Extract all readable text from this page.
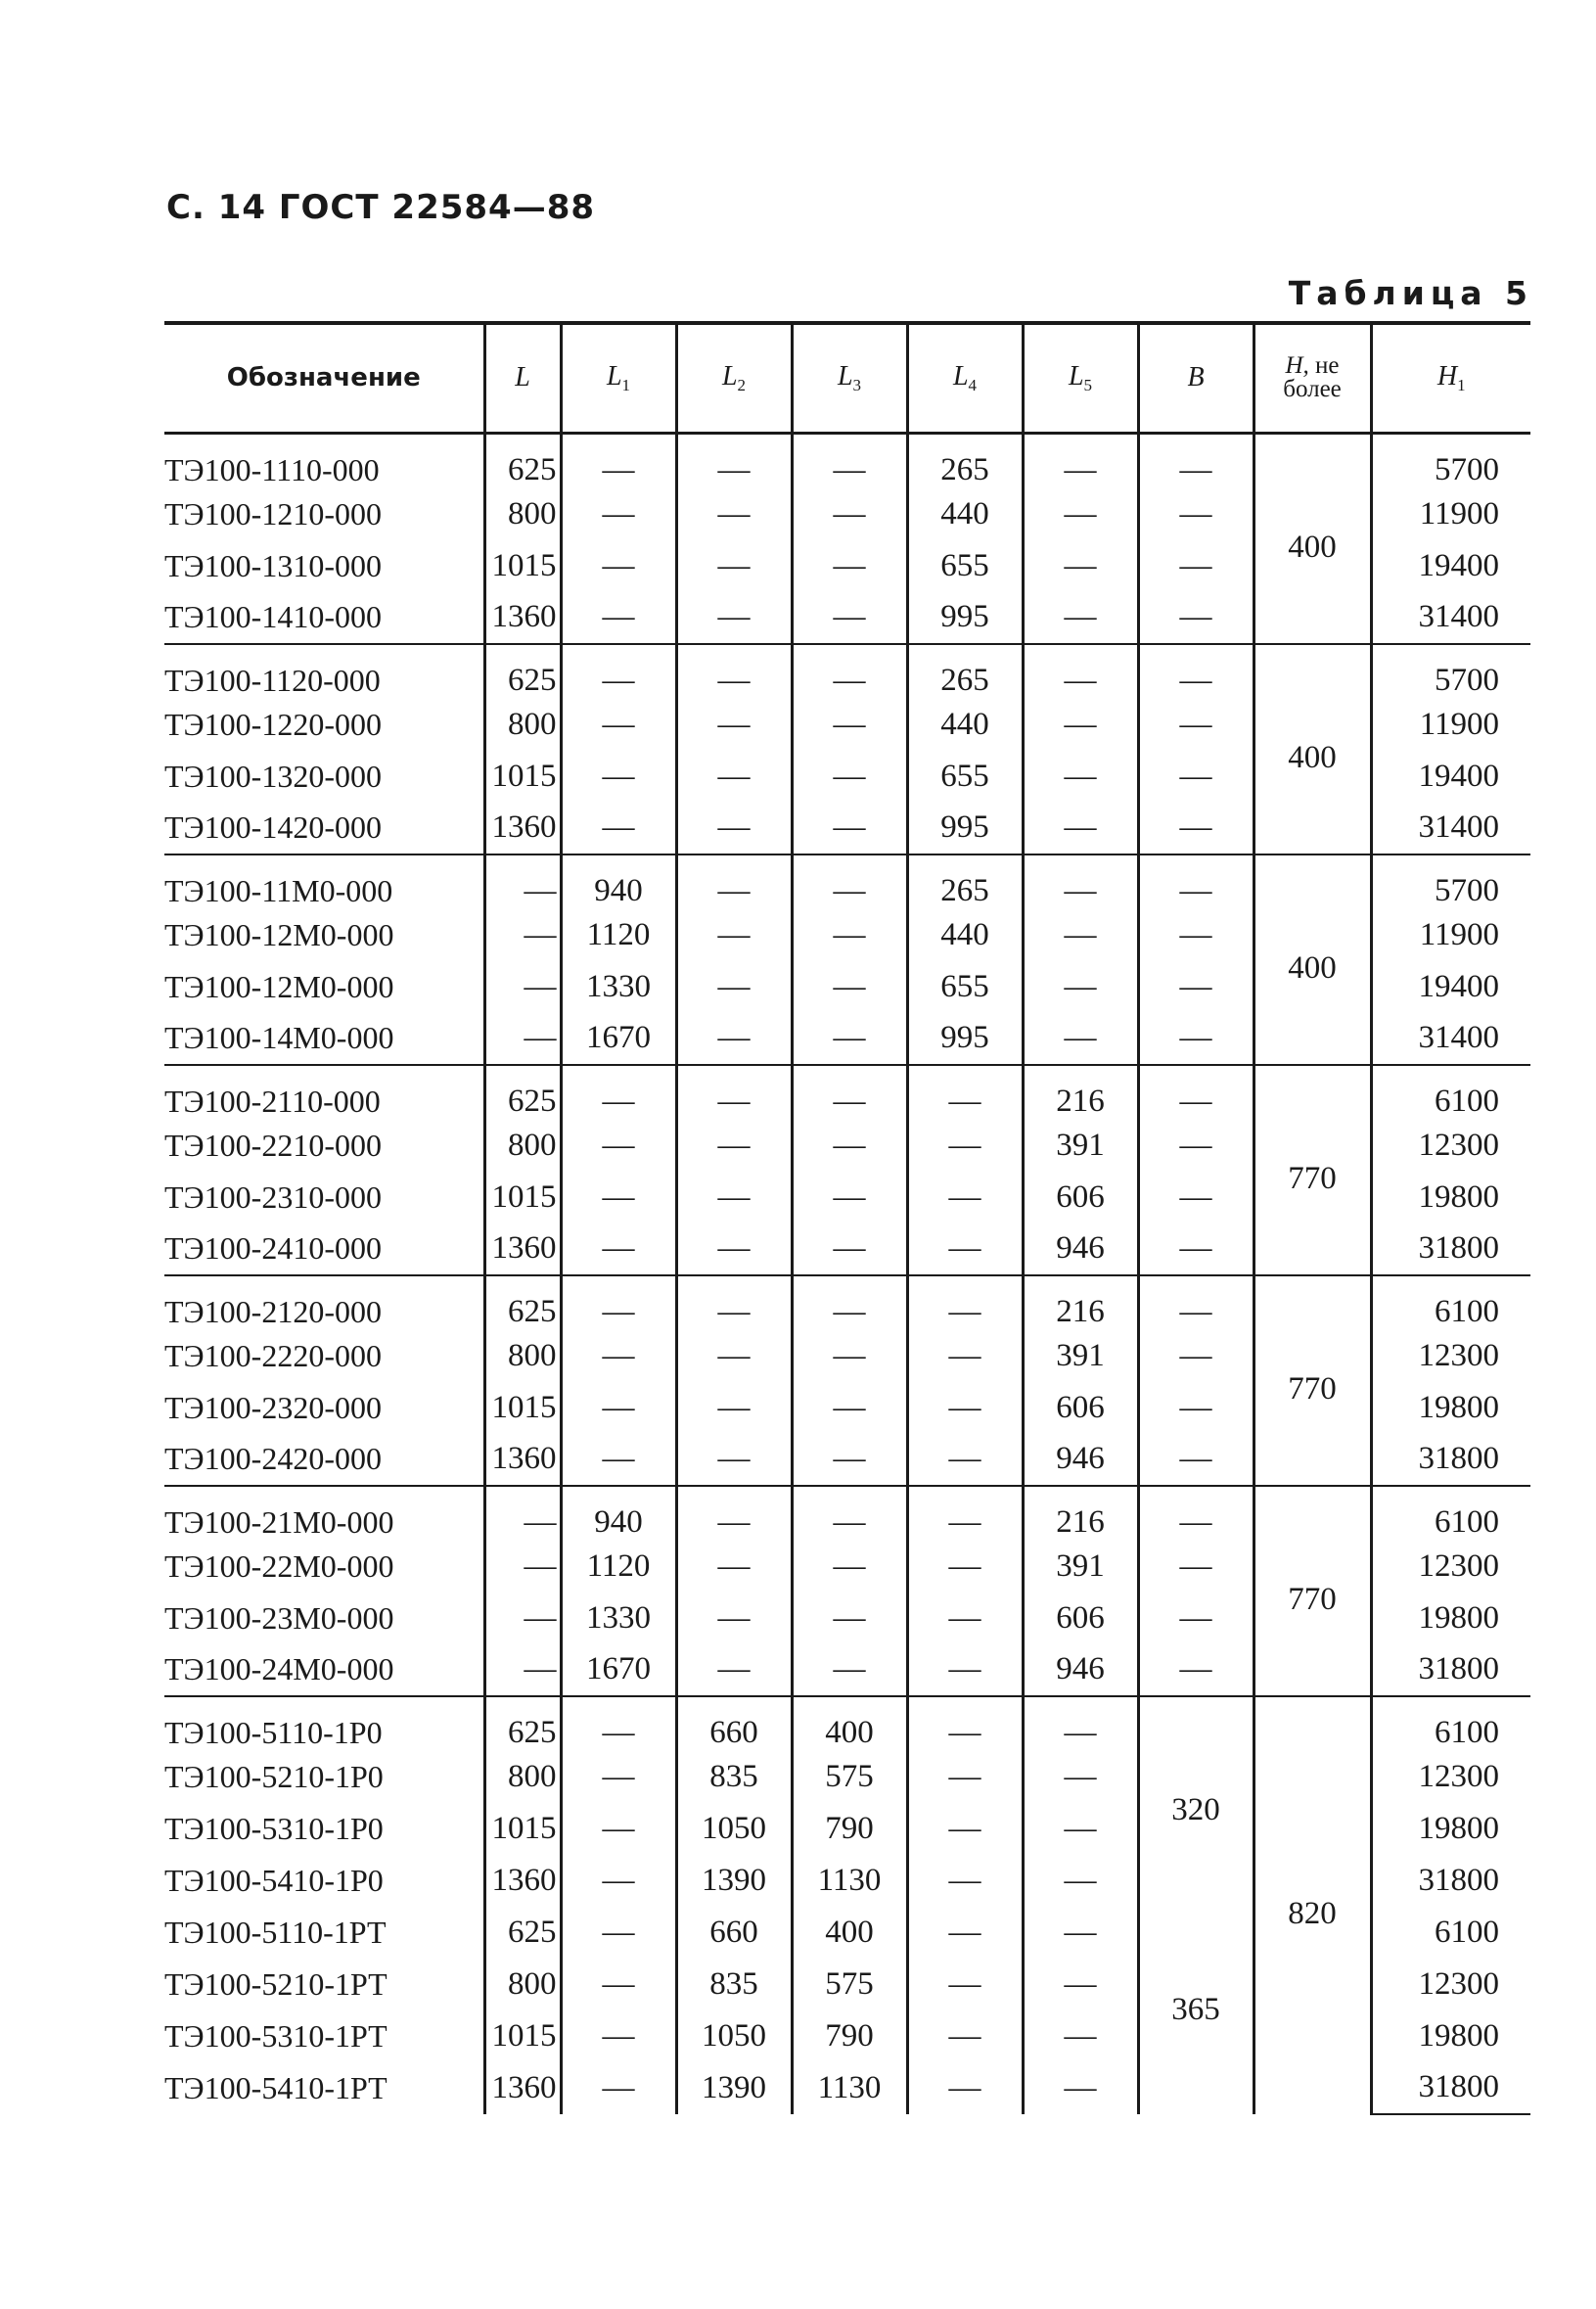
С. 14 ГОСТ 22584—88
Таблица 5
Обозначение	L	$L_1$	$L_2$	$L_3$	$L_4$	$L_5$	B	H, не более	$H_1$
ТЭ100-1110-000	625	—	—	—	265	—	—	400	5700
ТЭ100-1210-000	800	—	—	—	440	—	—		11900
ТЭ100-1310-000	1015	—	—	—	655	—	—		19400
ТЭ100-1410-000	1360	—	—	—	995	—	—		31400
ТЭ100-1120-000	625	—	—	—	265	—	—	400	5700
ТЭ100-1220-000	800	—	—	—	440	—	—		11900
ТЭ100-1320-000	1015	—	—	—	655	—	—		19400
ТЭ100-1420-000	1360	—	—	—	995	—	—		31400
ТЭ100-11М0-000	—	940	—	—	265	—	—	400	5700
ТЭ100-12М0-000	—	1120	—	—	440	—	—		11900
ТЭ100-12М0-000	—	1330	—	—	655	—	—		19400
ТЭ100-14М0-000	—	1670	—	—	995	—	—		31400
ТЭ100-2110-000	625	—	—	—	—	216	—	770	6100
ТЭ100-2210-000	800	—	—	—	—	391	—		12300
ТЭ100-2310-000	1015	—	—	—	—	606	—		19800
ТЭ100-2410-000	1360	—	—	—	—	946	—		31800
ТЭ100-2120-000	625	—	—	—	—	216	—	770	6100
ТЭ100-2220-000	800	—	—	—	—	391	—		12300
ТЭ100-2320-000	1015	—	—	—	—	606	—		19800
ТЭ100-2420-000	1360	—	—	—	—	946	—		31800
ТЭ100-21М0-000	—	940	—	—	—	216	—	770	6100
ТЭ100-22М0-000	—	1120	—	—	—	391	—		12300
ТЭ100-23М0-000	—	1330	—	—	—	606	—		19800
ТЭ100-24М0-000	—	1670	—	—	—	946	—		31800
ТЭ100-5110-1Р0	625	—	660	400	—	—	320	820	6100
ТЭ100-5210-1Р0	800	—	835	575	—	—			12300
ТЭ100-5310-1Р0	1015	—	1050	790	—	—			19800
ТЭ100-5410-1Р0	1360	—	1390	1130	—	—			31800
ТЭ100-5110-1РТ	625	—	660	400	—	—	365		6100
ТЭ100-5210-1РТ	800	—	835	575	—	—			12300
ТЭ100-5310-1РТ	1015	—	1050	790	—	—			19800
ТЭ100-5410-1РТ	1360	—	1390	1130	—	—			31800
